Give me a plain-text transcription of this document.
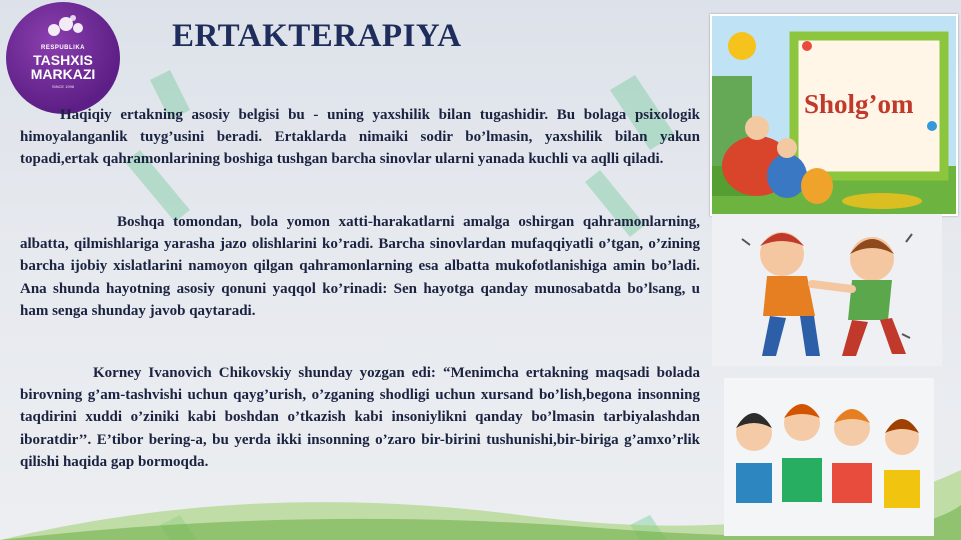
RESPUBLIKA
TASHXIS
MARKAZI
SINCE 1998
ERTAKTERAPIYA

Haqiqiy ertakning asosiy belgisi bu - uning yaxshilik bilan tugashidir. Bu bolaga psixologik himoyalanganlik tuyg’usini beradi. Ertaklarda nimaiki sodir bo’lmasin, yaxshilik bilan yakun topadi,ertak qahramonlarining boshiga tushgan barcha sinovlar ularni yanada kuchli va aqlli qiladi.

Boshqa tomondan, bola yomon xatti-harakatlarni amalga oshirgan qahramonlarning, albatta, qilmishlariga yarasha jazo olishlarini ko’radi. Barcha sinovlardan mufaqqiyatli o’tgan, o’zining barcha ijobiy xislatlarini namoyon qilgan qahramonlarning esa albatta mukofotlanishiga amin bo’ladi. Ana shunda hayotning asosiy qonuni yaqqol ko’rinadi: Sen hayotga qanday munosabatda bo’lsang, u ham senga shunday javob qaytaradi.

Korney Ivanovich Chikovskiy shunday yozgan edi: “Menimcha ertakning maqsadi bolada birovning g’am-tashvishi uchun qayg’urish, o’zganing shodligi uchun xursand bo’lish,begona insonning taqdirini xuddi o’ziniki kabi boshdan o’tkazish kabi insoniylikni qanday bo’lmasin tarbiyalashdan iboratdir’’. E’tibor bering-a, bu yerda ikki insonning o’zaro bir-birini tushunishi,bir-biriga g’amxo’rlik qilishi haqida gap bormoqda.

Sholg’om
